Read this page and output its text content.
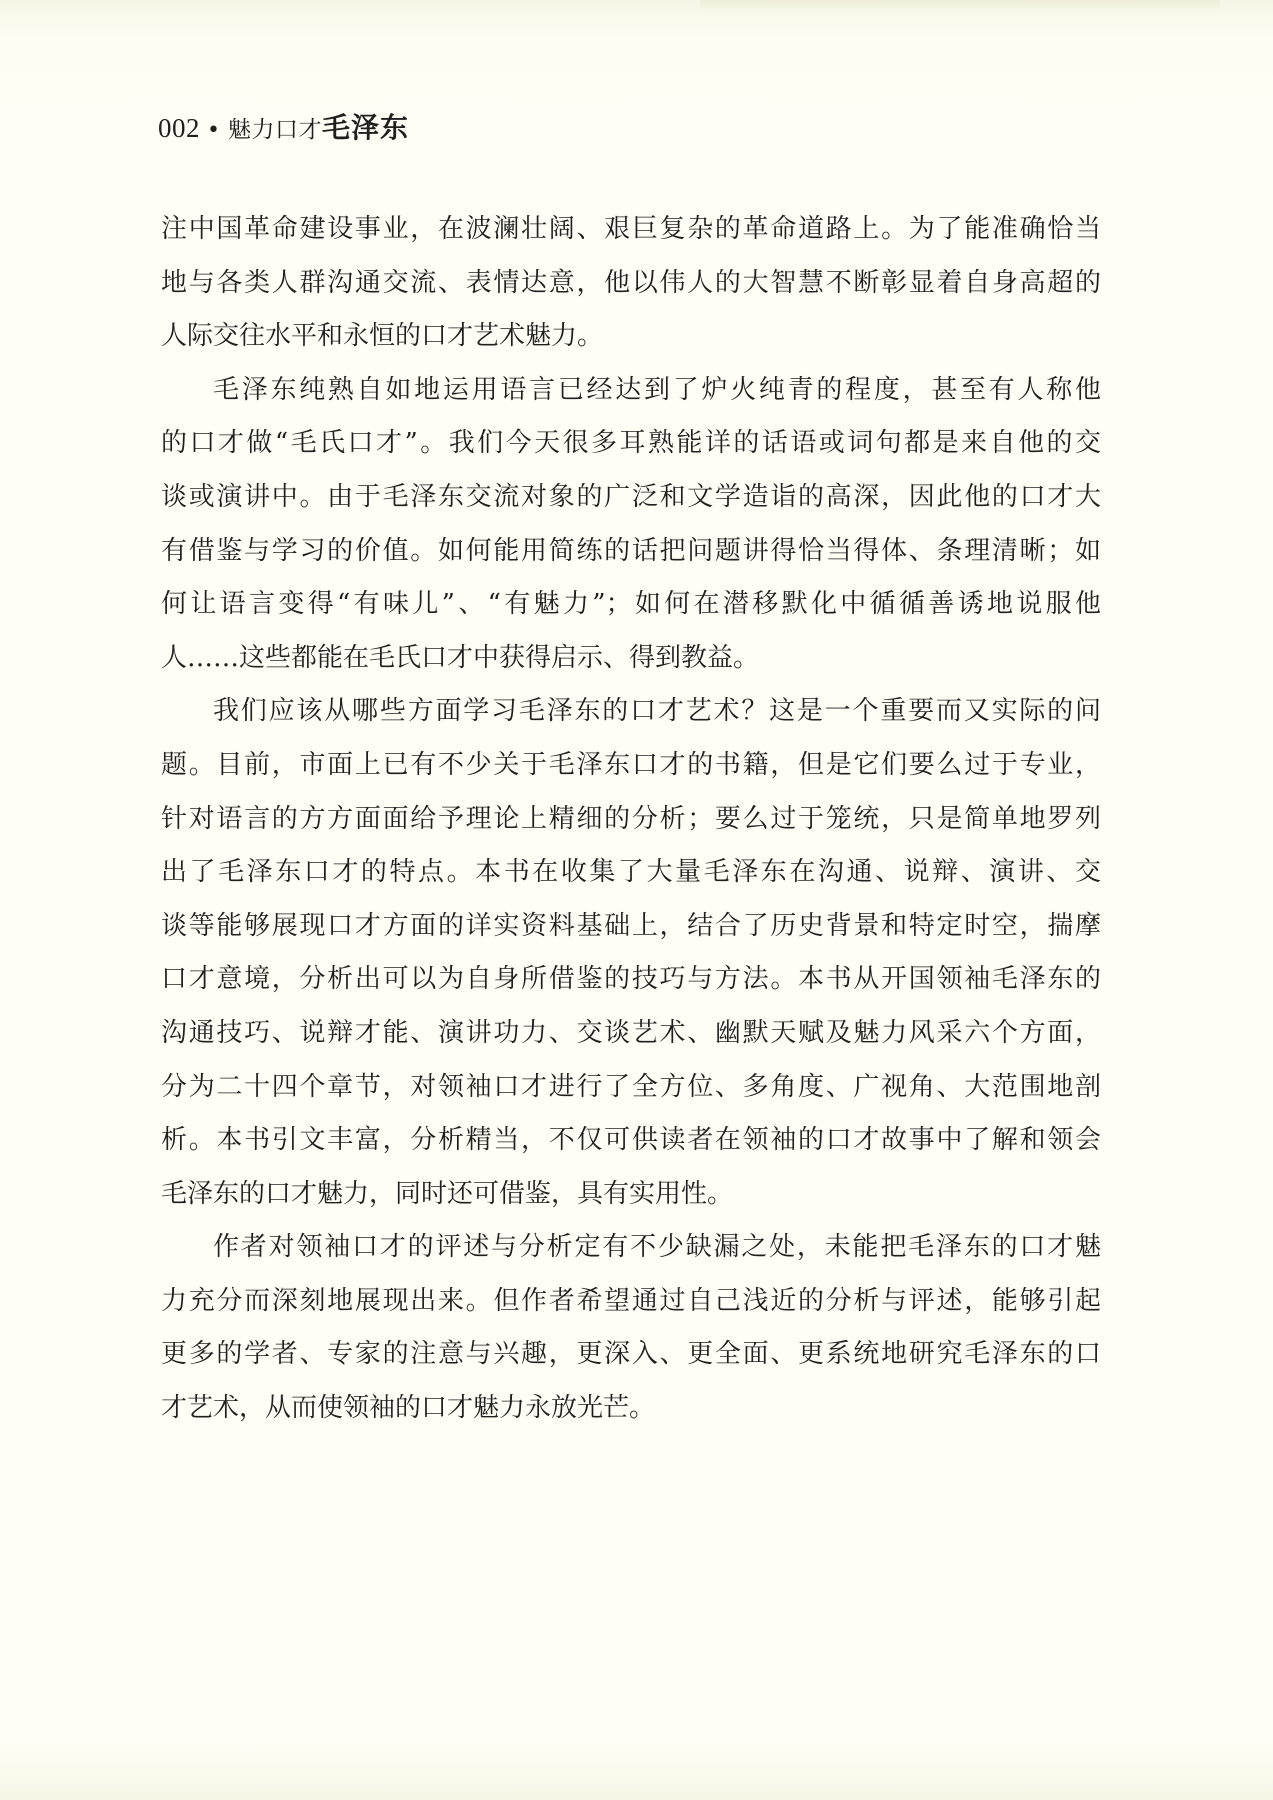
002 • 魅力口才 毛泽东
注中国革命建设事业，在波澜壮阔、艰巨复杂的革命道路上。为了能准确恰当
地与各类人群沟通交流、表情达意，他以伟人的大智慧不断彰显着自身高超的
人际交往水平和永恒的口才艺术魅力。
毛泽东纯熟自如地运用语言已经达到了炉火纯青的程度，甚至有人称他
的口才做“毛氏口才”。我们今天很多耳熟能详的话语或词句都是来自他的交
谈或演讲中。由于毛泽东交流对象的广泛和文学造诣的高深，因此他的口才大
有借鉴与学习的价值。如何能用简练的话把问题讲得恰当得体、条理清晰；如
何让语言变得“有味儿”、“有魅力”；如何在潜移默化中循循善诱地说服他
人……这些都能在毛氏口才中获得启示、得到教益。
我们应该从哪些方面学习毛泽东的口才艺术？这是一个重要而又实际的问
题。目前，市面上已有不少关于毛泽东口才的书籍，但是它们要么过于专业，
针对语言的方方面面给予理论上精细的分析；要么过于笼统，只是简单地罗列
出了毛泽东口才的特点。本书在收集了大量毛泽东在沟通、说辩、演讲、交
谈等能够展现口才方面的详实资料基础上，结合了历史背景和特定时空，揣摩
口才意境，分析出可以为自身所借鉴的技巧与方法。本书从开国领袖毛泽东的
沟通技巧、说辩才能、演讲功力、交谈艺术、幽默天赋及魅力风采六个方面，
分为二十四个章节，对领袖口才进行了全方位、多角度、广视角、大范围地剖
析。本书引文丰富，分析精当，不仅可供读者在领袖的口才故事中了解和领会
毛泽东的口才魅力，同时还可借鉴，具有实用性。
作者对领袖口才的评述与分析定有不少缺漏之处，未能把毛泽东的口才魅
力充分而深刻地展现出来。但作者希望通过自己浅近的分析与评述，能够引起
更多的学者、专家的注意与兴趣，更深入、更全面、更系统地研究毛泽东的口
才艺术，从而使领袖的口才魅力永放光芒。
